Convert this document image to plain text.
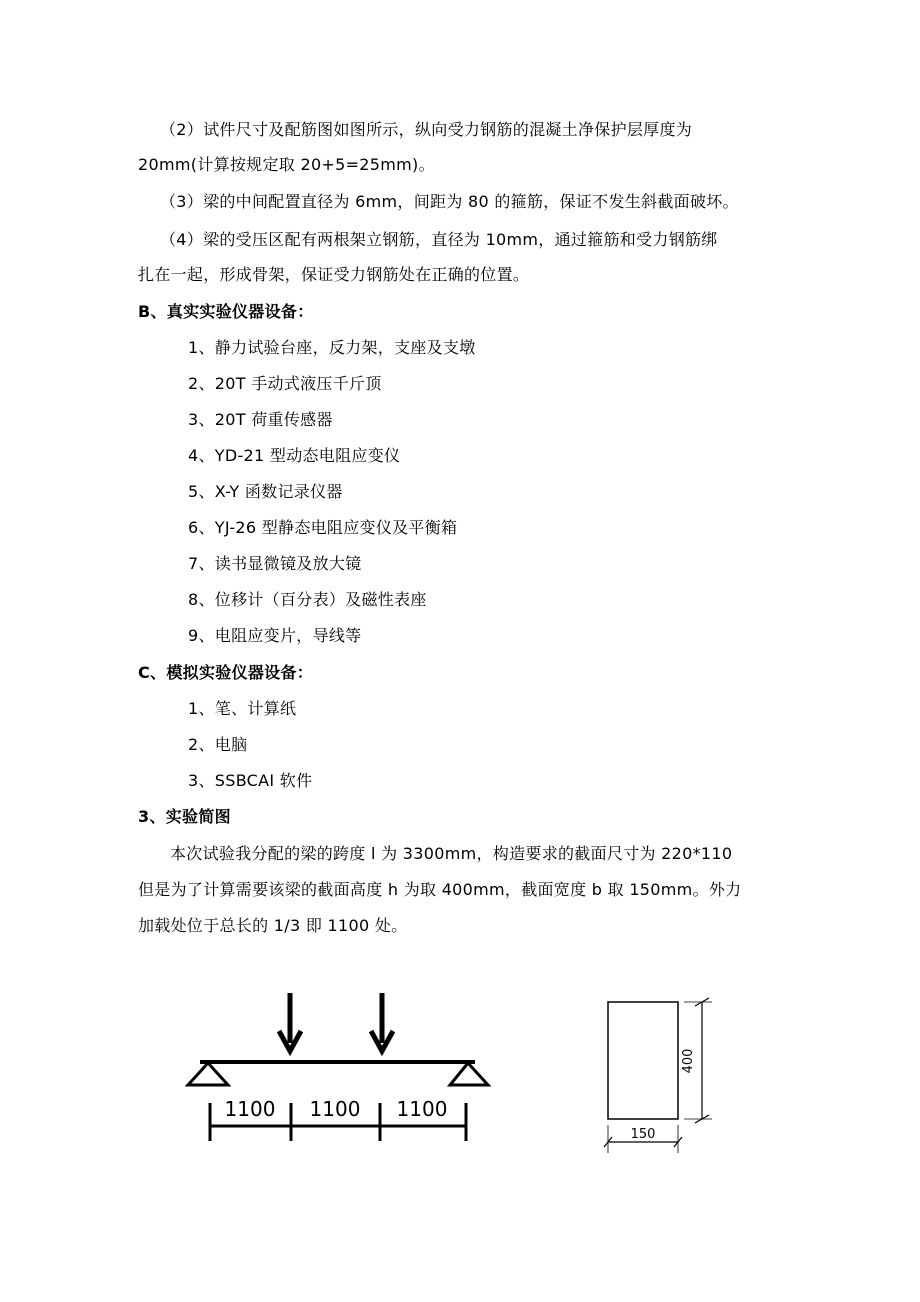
（2）试件尺寸及配筋图如图所示，纵向受力钢筋的混凝土净保护层厚度为
20mm(计算按规定取 20+5=25mm)。
（3）梁的中间配置直径为 6mm，间距为 80 的箍筋，保证不发生斜截面破坏。
（4）梁的受压区配有两根架立钢筋，直径为 10mm，通过箍筋和受力钢筋绑
扎在一起，形成骨架，保证受力钢筋处在正确的位置。
B、真实实验仪器设备：
1、静力试验台座，反力架，支座及支墩
2、20T 手动式液压千斤顶
3、20T 荷重传感器
4、YD-21 型动态电阻应变仪
5、X-Y 函数记录仪器
6、YJ-26 型静态电阻应变仪及平衡箱
7、读书显微镜及放大镜
8、位移计（百分表）及磁性表座
9、电阻应变片，导线等
C、模拟实验仪器设备：
1、笔、计算纸
2、电脑
3、SSBCAI 软件
3、实验简图
本次试验我分配的梁的跨度 l 为 3300mm，构造要求的截面尺寸为 220*110
但是为了计算需要该梁的截面高度 h 为取 400mm，截面宽度 b 取 150mm。外力
加载处位于总长的 1/3 即 1100 处。
1100 1100 1100
400
150
